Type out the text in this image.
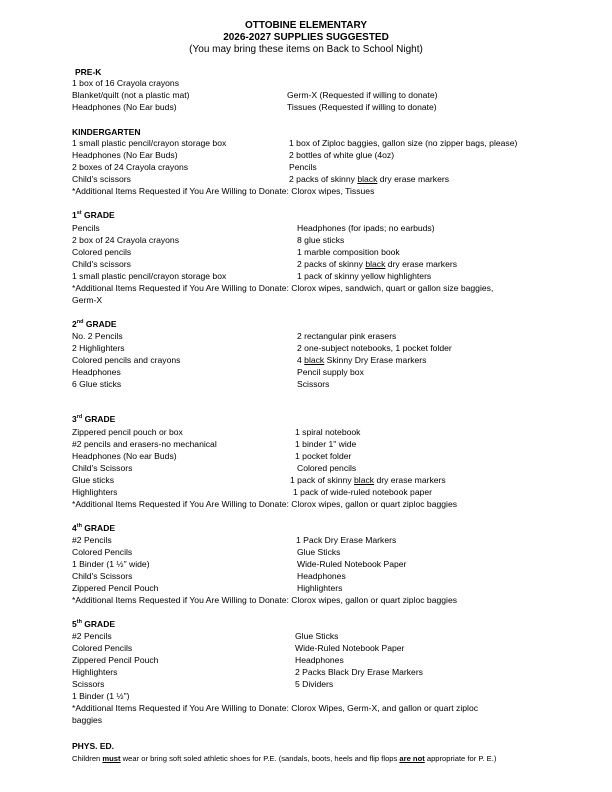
OTTOBINE ELEMENTARY
2026-2027 SUPPLIES SUGGESTED
(You may bring these items on Back to School Night)
PRE-K
1 box of 16 Crayola crayons
Blanket/quilt (not a plastic mat)
Headphones (No Ear buds)
Germ-X (Requested if willing to donate)
Tissues (Requested if willing to donate)
KINDERGARTEN
1 small plastic pencil/crayon storage box
Headphones (No Ear Buds)
2 boxes of 24 Crayola crayons
Child's scissors
1 box of Ziploc baggies, gallon size (no zipper bags, please)
2 bottles of white glue (4oz)
Pencils
2 packs of skinny black dry erase markers
*Additional Items Requested if You Are Willing to Donate: Clorox wipes, Tissues
1st GRADE
Pencils
2 box of 24 Crayola crayons
Colored pencils
Child's scissors
1 small plastic pencil/crayon storage box
Headphones (for ipads; no earbuds)
8 glue sticks
1 marble composition book
2 packs of skinny black dry erase markers
1 pack of skinny yellow highlighters
*Additional Items Requested if You Are Willing to Donate: Clorox wipes, sandwich, quart or gallon size baggies,
Germ-X
2nd GRADE
No. 2 Pencils
2 Highlighters
Colored pencils and crayons
Headphones
6 Glue sticks
2 rectangular pink erasers
2 one-subject notebooks, 1 pocket folder
4 black Skinny Dry Erase markers
Pencil supply box
Scissors
3rd GRADE
Zippered pencil pouch or box
#2 pencils and erasers-no mechanical
Headphones (No ear Buds)
Child's Scissors
Glue sticks
Highlighters
1 spiral notebook
1 binder 1" wide
1 pocket folder
Colored pencils
1 pack of skinny black dry erase markers
1 pack of wide-ruled notebook paper
*Additional Items Requested if You Are Willing to Donate: Clorox wipes, gallon or quart ziploc baggies
4th GRADE
#2 Pencils
Colored Pencils
1 Binder (1 ½" wide)
Child's Scissors
Zippered Pencil Pouch
1 Pack Dry Erase Markers
Glue Sticks
Wide-Ruled Notebook Paper
Headphones
Highlighters
*Additional Items Requested if You Are Willing to Donate: Clorox wipes, gallon or quart ziploc baggies
5th GRADE
#2 Pencils
Colored Pencils
Zippered Pencil Pouch
Highlighters
Scissors
1 Binder (1 ½")
Glue Sticks
Wide-Ruled Notebook Paper
Headphones
2 Packs Black Dry Erase Markers
5 Dividers
*Additional Items Requested if You Are Willing to Donate: Clorox Wipes, Germ-X, and gallon or quart ziploc
baggies
PHYS. ED.
Children must wear or bring soft soled athletic shoes for P.E. (sandals, boots, heels and flip flops are not appropriate for P. E.)
